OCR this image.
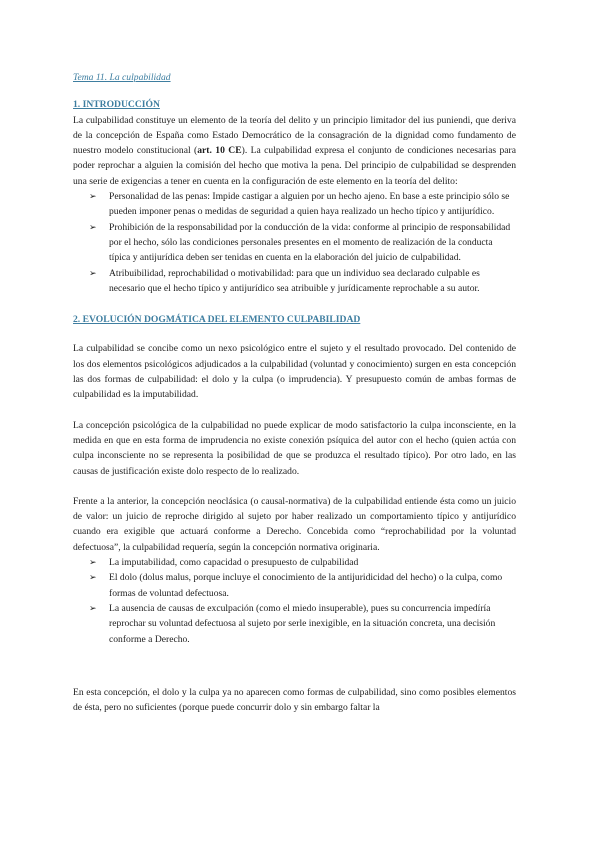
Tema 11. La culpabilidad
1. INTRODUCCIÓN

La culpabilidad constituye un elemento de la teoría del delito y un principio limitador del ius puniendi, que deriva de la concepción de España como Estado Democrático de la consagración de la dignidad como fundamento de nuestro modelo constitucional (art. 10 CE). La culpabilidad expresa el conjunto de condiciones necesarias para poder reprochar a alguien la comisión del hecho que motiva la pena. Del principio de culpabilidad se desprenden una serie de exigencias a tener en cuenta en la configuración de este elemento en la teoría del delito:

➢ Personalidad de las penas: Impide castigar a alguien por un hecho ajeno. En base a este principio sólo se pueden imponer penas o medidas de seguridad a quien haya realizado un hecho típico y antijurídico.
➢ Prohibición de la responsabilidad por la conducción de la vida: conforme al principio de responsabilidad por el hecho, sólo las condiciones personales presentes en el momento de realización de la conducta típica y antijurídica deben ser tenidas en cuenta en la elaboración del juicio de culpabilidad.
➢ Atribuibilidad, reprochabilidad o motivabilidad: para que un individuo sea declarado culpable es necesario que el hecho típico y antijurídico sea atribuible y jurídicamente reprochable a su autor.
2. EVOLUCIÓN DOGMÁTICA DEL ELEMENTO CULPABILIDAD

La culpabilidad se concibe como un nexo psicológico entre el sujeto y el resultado provocado. Del contenido de los dos elementos psicológicos adjudicados a la culpabilidad (voluntad y conocimiento) surgen en esta concepción las dos formas de culpabilidad: el dolo y la culpa (o imprudencia). Y presupuesto común de ambas formas de culpabilidad es la imputabilidad.

La concepción psicológica de la culpabilidad no puede explicar de modo satisfactorio la culpa inconsciente, en la medida en que en esta forma de imprudencia no existe conexión psíquica del autor con el hecho (quien actúa con culpa inconsciente no se representa la posibilidad de que se produzca el resultado típico). Por otro lado, en las causas de justificación existe dolo respecto de lo realizado.

Frente a la anterior, la concepción neoclásica (o causal-normativa) de la culpabilidad entiende ésta como un juicio de valor: un juicio de reproche dirigido al sujeto por haber realizado un comportamiento típico y antijurídico cuando era exigible que actuará conforme a Derecho. Concebida como “reprochabilidad por la voluntad defectuosa”, la culpabilidad requería, según la concepción normativa originaria.

➢ La imputabilidad, como capacidad o presupuesto de culpabilidad
➢ El dolo (dolus malus, porque incluye el conocimiento de la antijuridicidad del hecho) o la culpa, como formas de voluntad defectuosa.
➢ La ausencia de causas de exculpación (como el miedo insuperable), pues su concurrencia impedíría reprochar su voluntad defectuosa al sujeto por serle inexigible, en la situación concreta, una decisión conforme a Derecho.

En esta concepción, el dolo y la culpa ya no aparecen como formas de culpabilidad, sino como posibles elementos de ésta, pero no suficientes (porque puede concurrir dolo y sin embargo faltar la
